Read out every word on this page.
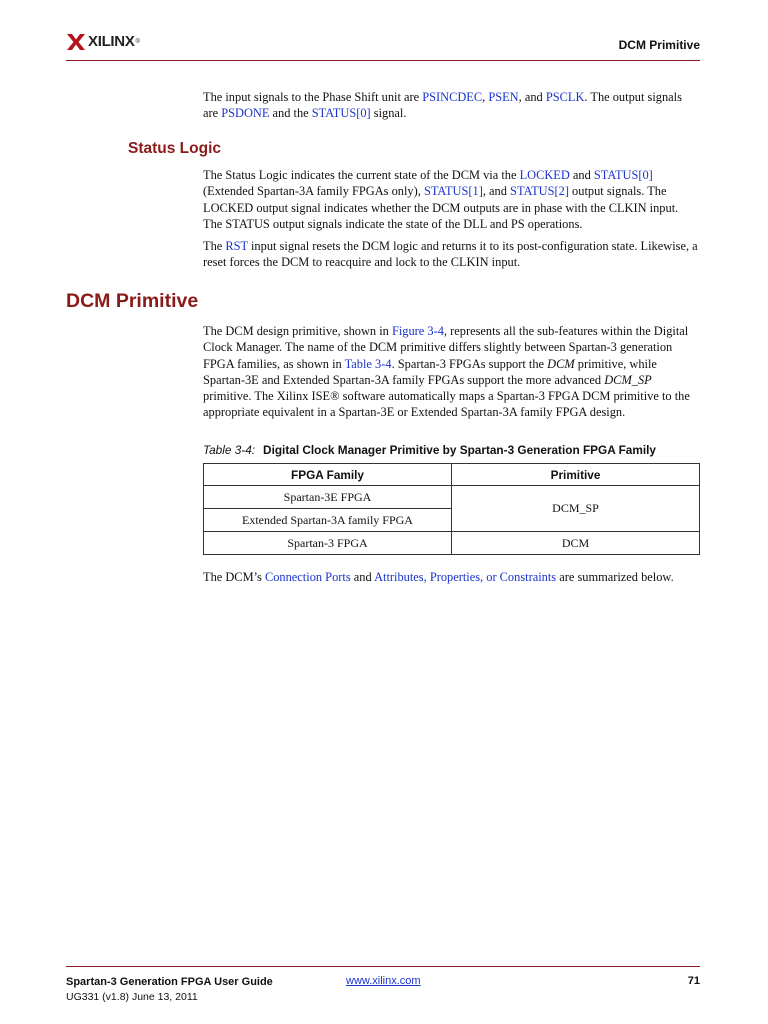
XILINX ®	DCM Primitive

The input signals to the Phase Shift unit are PSINCDEC, PSEN, and PSCLK. The output signals are PSDONE and the STATUS[0] signal.

Status Logic

The Status Logic indicates the current state of the DCM via the LOCKED and STATUS[0] (Extended Spartan-3A family FPGAs only), STATUS[1], and STATUS[2] output signals. The LOCKED output signal indicates whether the DCM outputs are in phase with the CLKIN input. The STATUS output signals indicate the state of the DLL and PS operations.

The RST input signal resets the DCM logic and returns it to its post-configuration state. Likewise, a reset forces the DCM to reacquire and lock to the CLKIN input.

DCM Primitive

The DCM design primitive, shown in Figure 3-4, represents all the sub-features within the Digital Clock Manager. The name of the DCM primitive differs slightly between Spartan-3 generation FPGA families, as shown in Table 3-4. Spartan-3 FPGAs support the DCM primitive, while Spartan-3E and Extended Spartan-3A family FPGAs support the more advanced DCM_SP primitive. The Xilinx ISE® software automatically maps a Spartan-3 FPGA DCM primitive to the appropriate equivalent in a Spartan-3E or Extended Spartan-3A family FPGA design.

Table 3-4: Digital Clock Manager Primitive by Spartan-3 Generation FPGA Family
FPGA Family	Primitive
Spartan-3E FPGA	DCM_SP
Extended Spartan-3A family FPGA	
Spartan-3 FPGA	DCM

The DCM’s Connection Ports and Attributes, Properties, or Constraints are summarized below.

Spartan-3 Generation FPGA User Guide
UG331 (v1.8) June 13, 2011
www.xilinx.com	71
